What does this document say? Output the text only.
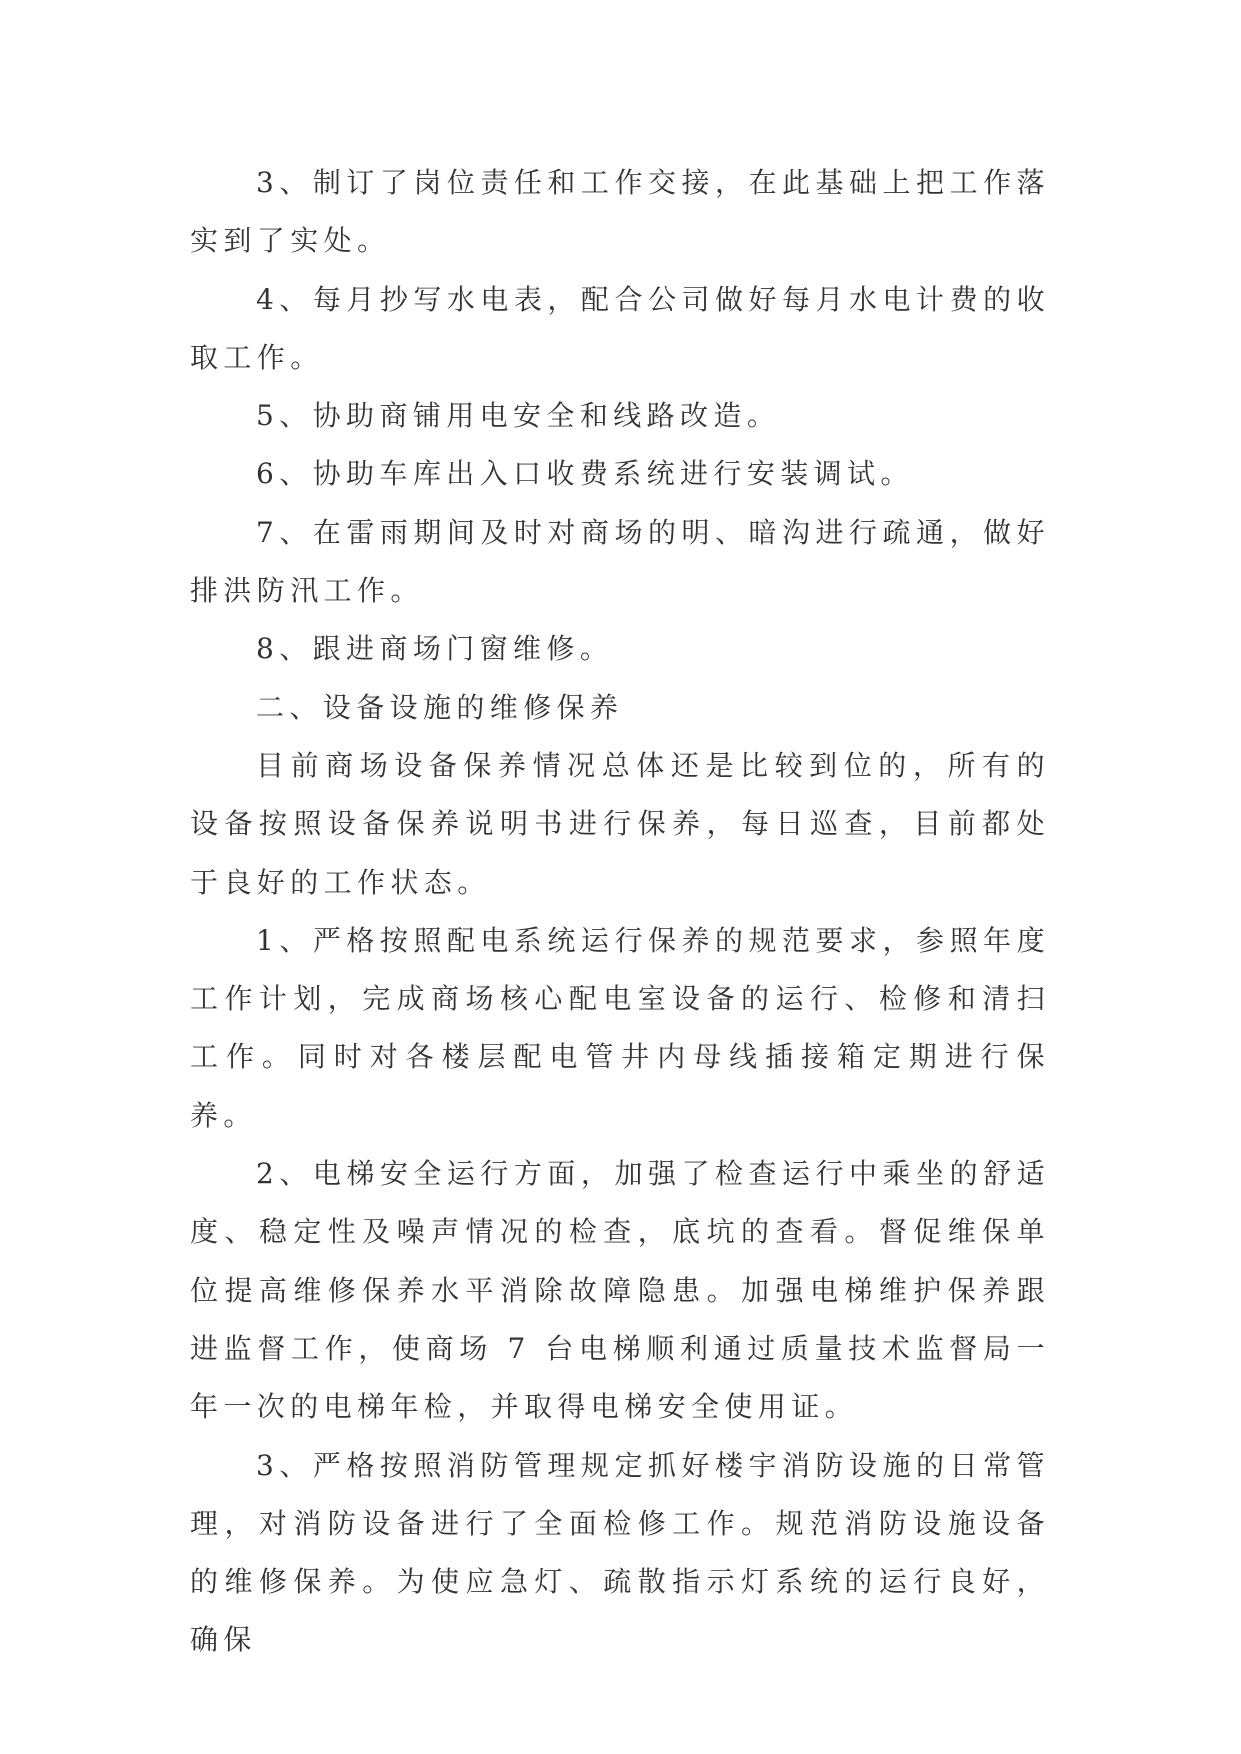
3、制订了岗位责任和工作交接，在此基础上把工作落实到了实处。

4、每月抄写水电表，配合公司做好每月水电计费的收取工作。

5、协助商铺用电安全和线路改造。

6、协助车库出入口收费系统进行安装调试。

7、在雷雨期间及时对商场的明、暗沟进行疏通，做好排洪防汛工作。

8、跟进商场门窗维修。

二、设备设施的维修保养

目前商场设备保养情况总体还是比较到位的，所有的设备按照设备保养说明书进行保养，每日巡查，目前都处于良好的工作状态。

1、严格按照配电系统运行保养的规范要求，参照年度工作计划，完成商场核心配电室设备的运行、检修和清扫工作。同时对各楼层配电管井内母线插接箱定期进行保养。

2、电梯安全运行方面，加强了检查运行中乘坐的舒适度、稳定性及噪声情况的检查，底坑的查看。督促维保单位提高维修保养水平消除故障隐患。加强电梯维护保养跟进监督工作，使商场 7 台电梯顺利通过质量技术监督局一年一次的电梯年检，并取得电梯安全使用证。

3、严格按照消防管理规定抓好楼宇消防设施的日常管理，对消防设备进行了全面检修工作。规范消防设施设备的维修保养。为使应急灯、疏散指示灯系统的运行良好，确保
